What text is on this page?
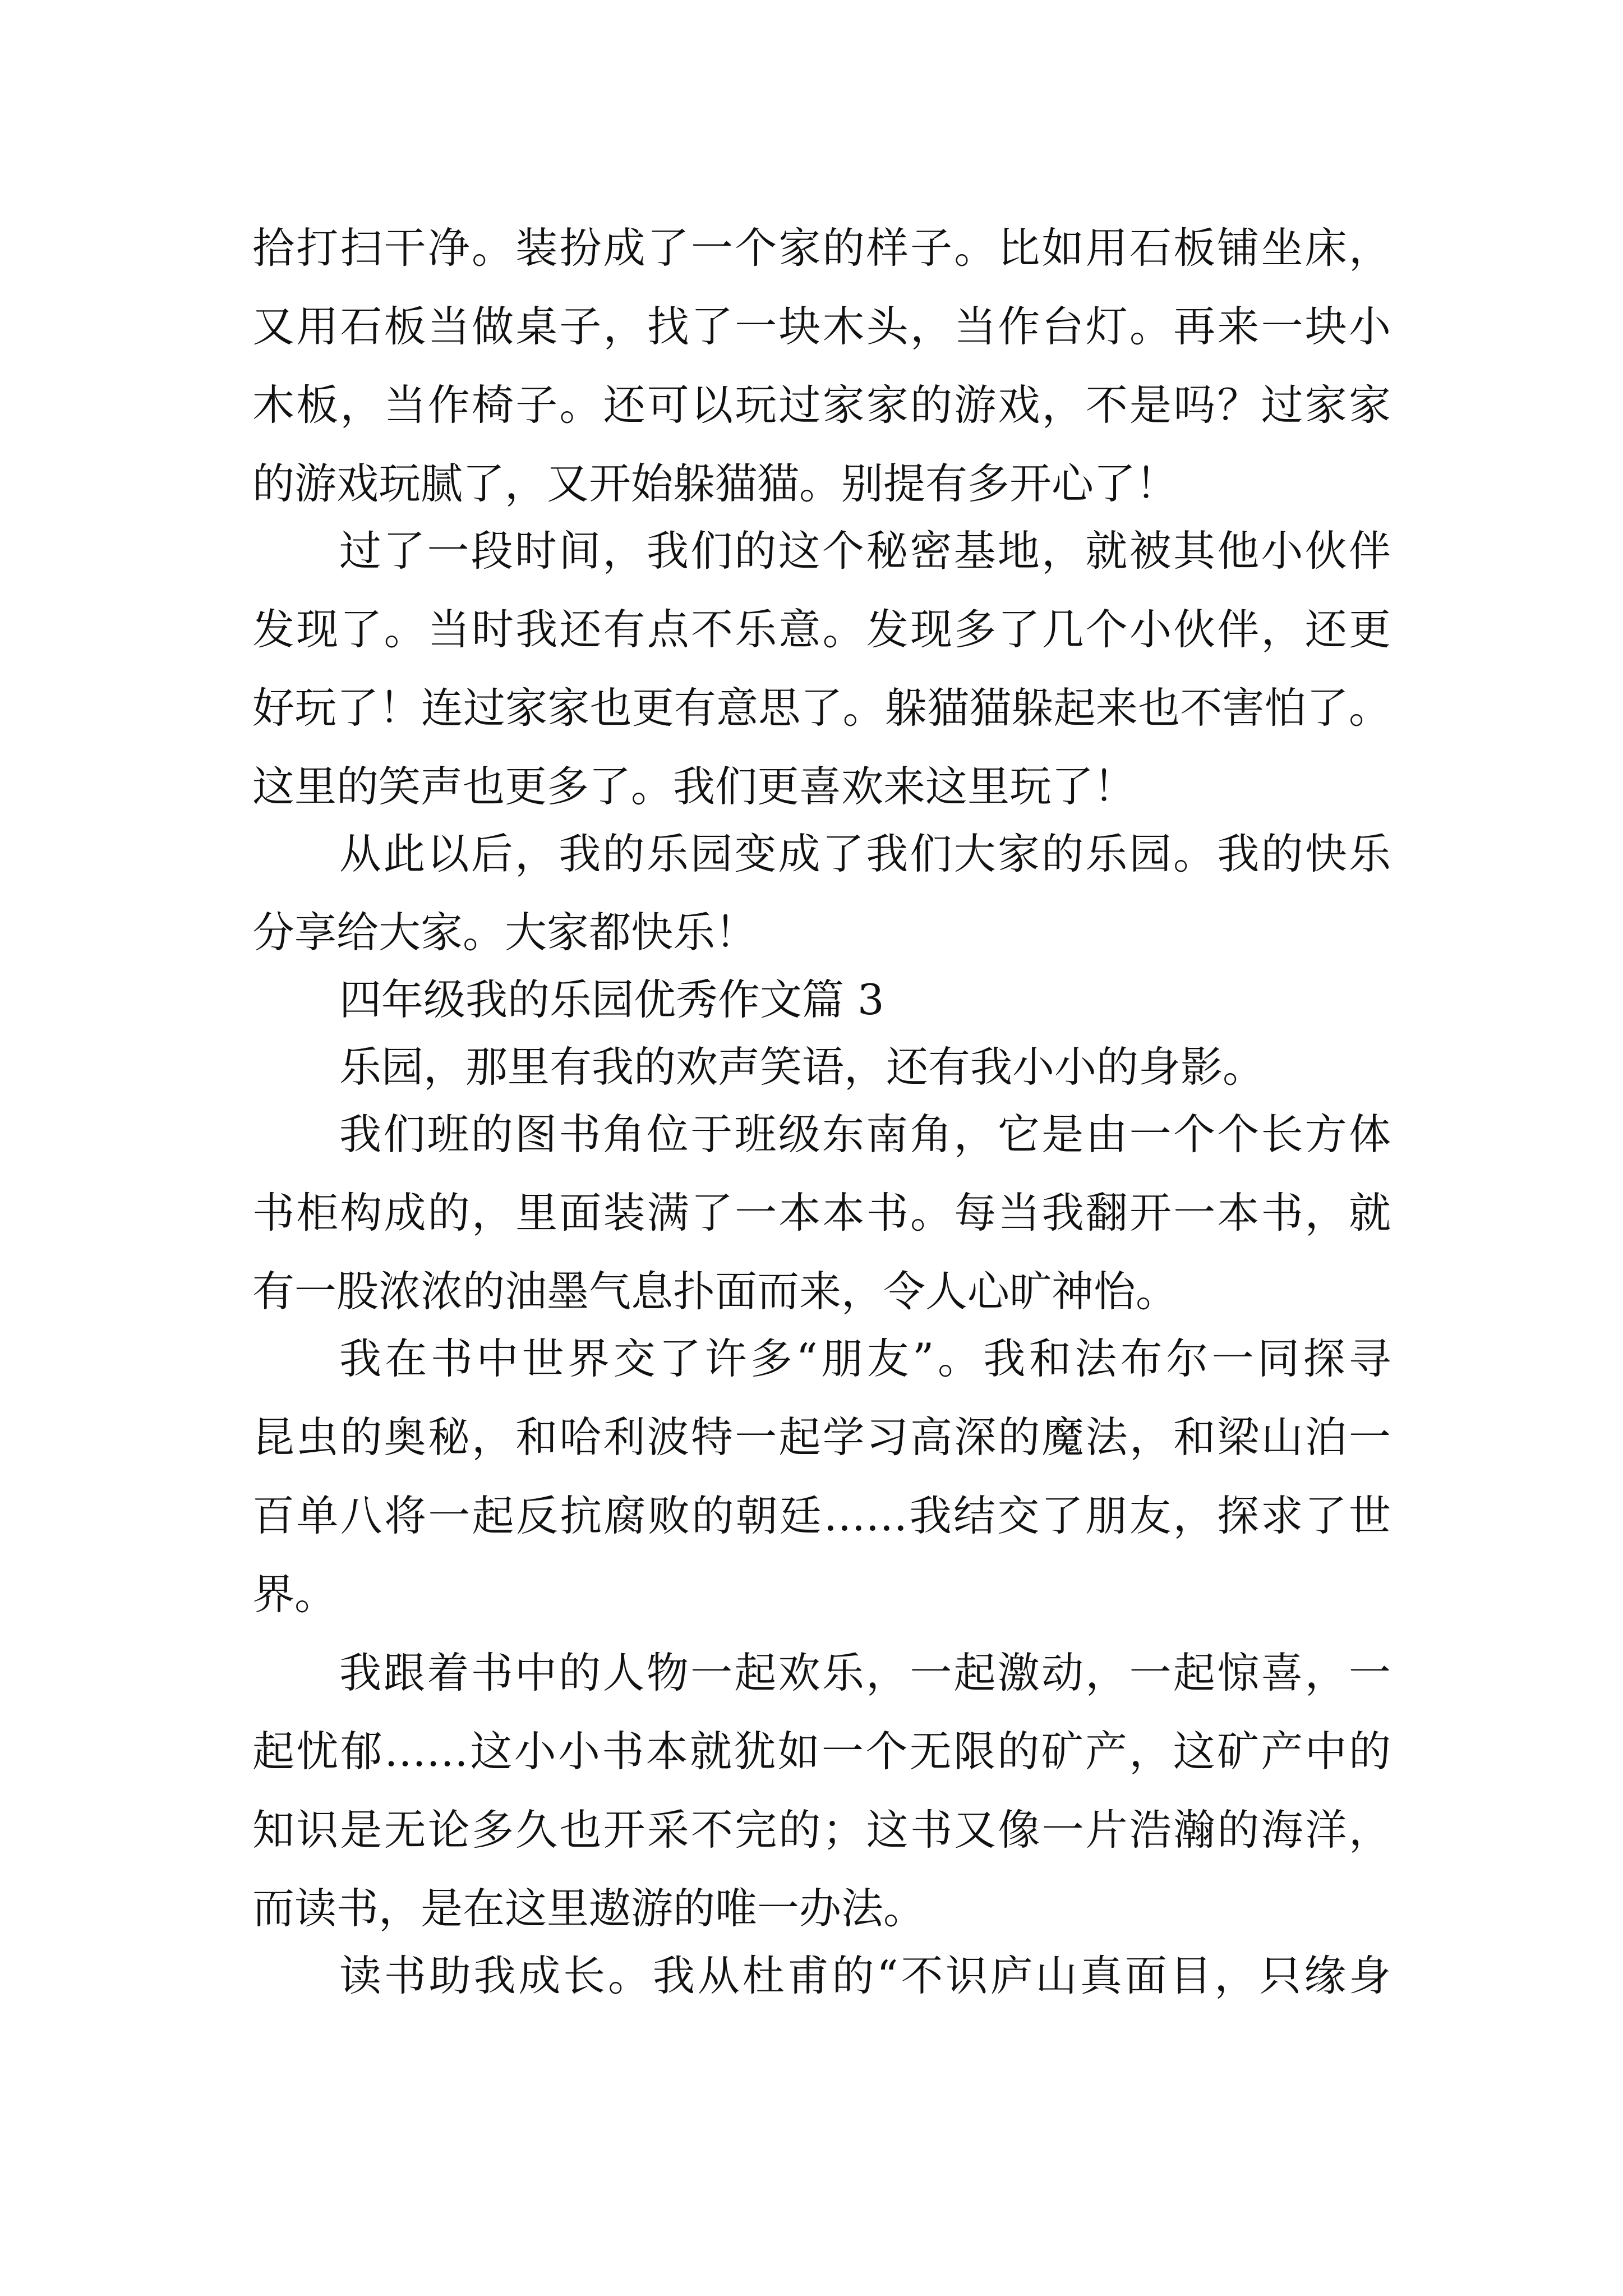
拾打扫干净。装扮成了一个家的样子。比如用石板铺坐床，
又用石板当做桌子，找了一块木头，当作台灯。再来一块小
木板，当作椅子。还可以玩过家家的游戏，不是吗？过家家
的游戏玩腻了，又开始躲猫猫。别提有多开心了！
过了一段时间，我们的这个秘密基地，就被其他小伙伴
发现了。当时我还有点不乐意。发现多了几个小伙伴，还更
好玩了！连过家家也更有意思了。躲猫猫躲起来也不害怕了。
这里的笑声也更多了。我们更喜欢来这里玩了！
从此以后，我的乐园变成了我们大家的乐园。我的快乐
分享给大家。大家都快乐！
四年级我的乐园优秀作文篇 3
乐园，那里有我的欢声笑语，还有我小小的身影。
我们班的图书角位于班级东南角，它是由一个个长方体
书柜构成的，里面装满了一本本书。每当我翻开一本书，就
有一股浓浓的油墨气息扑面而来，令人心旷神怡。
我在书中世界交了许多“朋友”。我和法布尔一同探寻
昆虫的奥秘，和哈利波特一起学习高深的魔法，和梁山泊一
百单八将一起反抗腐败的朝廷……我结交了朋友，探求了世
界。
我跟着书中的人物一起欢乐，一起激动，一起惊喜，一
起忧郁……这小小书本就犹如一个无限的矿产，这矿产中的
知识是无论多久也开采不完的；这书又像一片浩瀚的海洋，
而读书，是在这里遨游的唯一办法。
读书助我成长。我从杜甫的“不识庐山真面目，只缘身
